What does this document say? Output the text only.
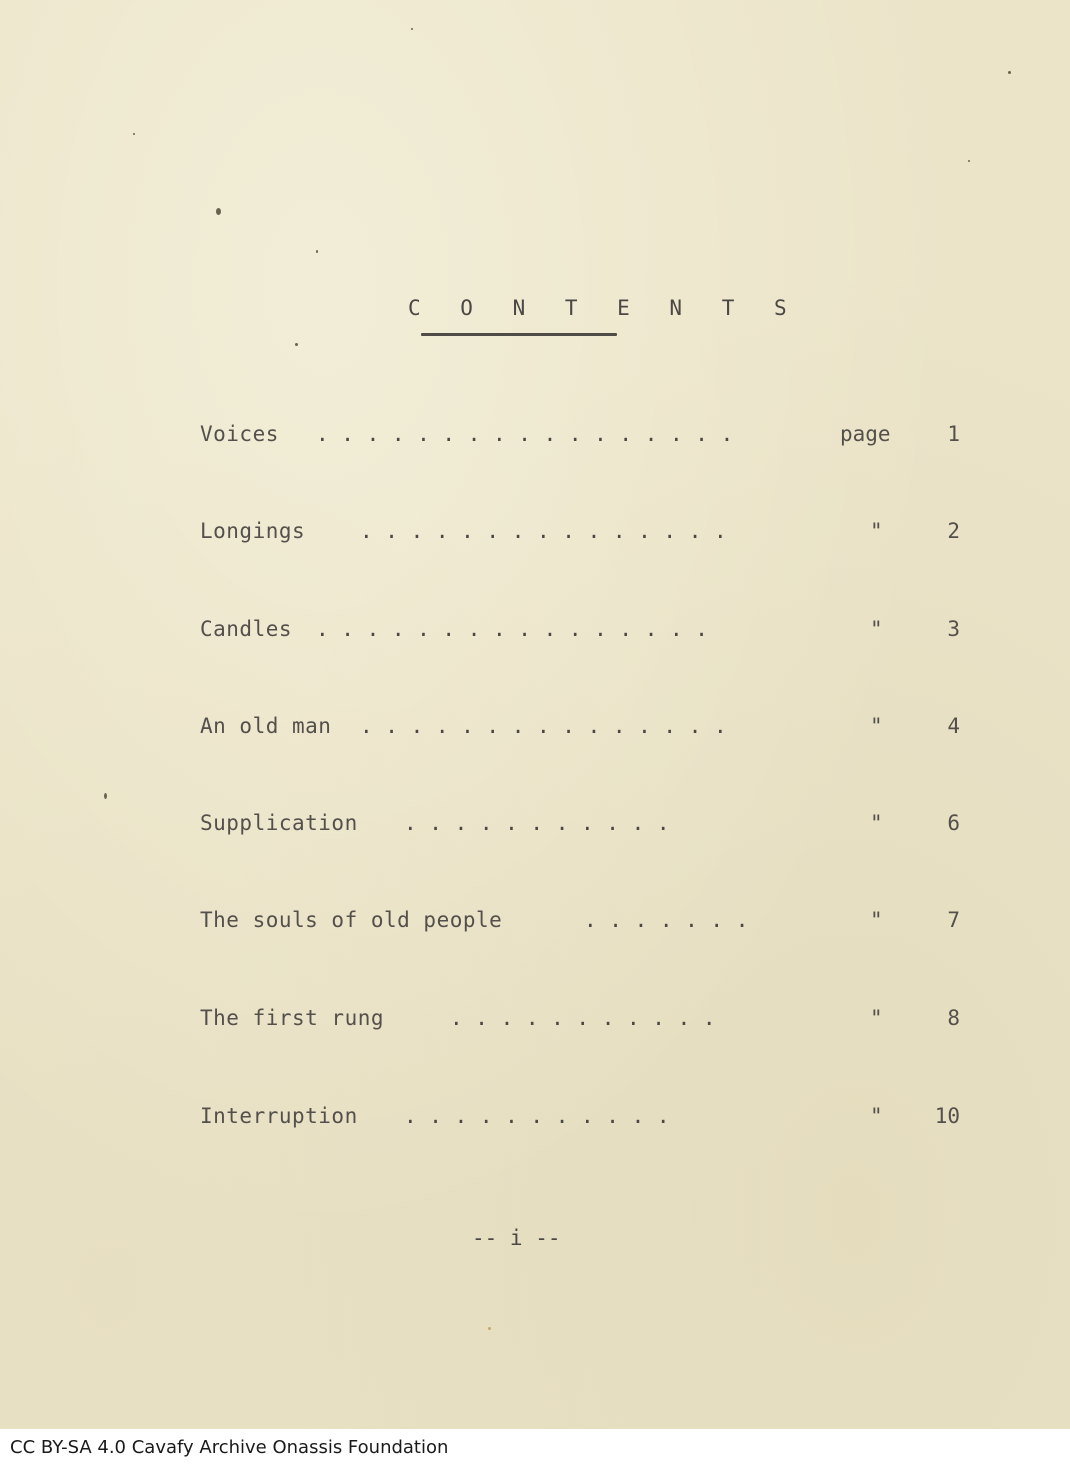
C O N T E N T S
Voices . . . . . . . . . . . . . . . . .	page	1
Longings	. . . . . . . . . . . . . . .	"	2
Candles . . . . . . . . . . . . . . . .	"	3
An old man . . . . . . . . . . . . . . .	"	4
Supplication . . . . . . . . . . .	"	6
The souls of old people	. . . . . . .	"	7
The first rung	. . . . . . . . . . .	"	8
Interruption . . . . . . . . . . .	" 10
-- i --
CC BY-SA 4.0 Cavafy Archive Onassis Foundation
